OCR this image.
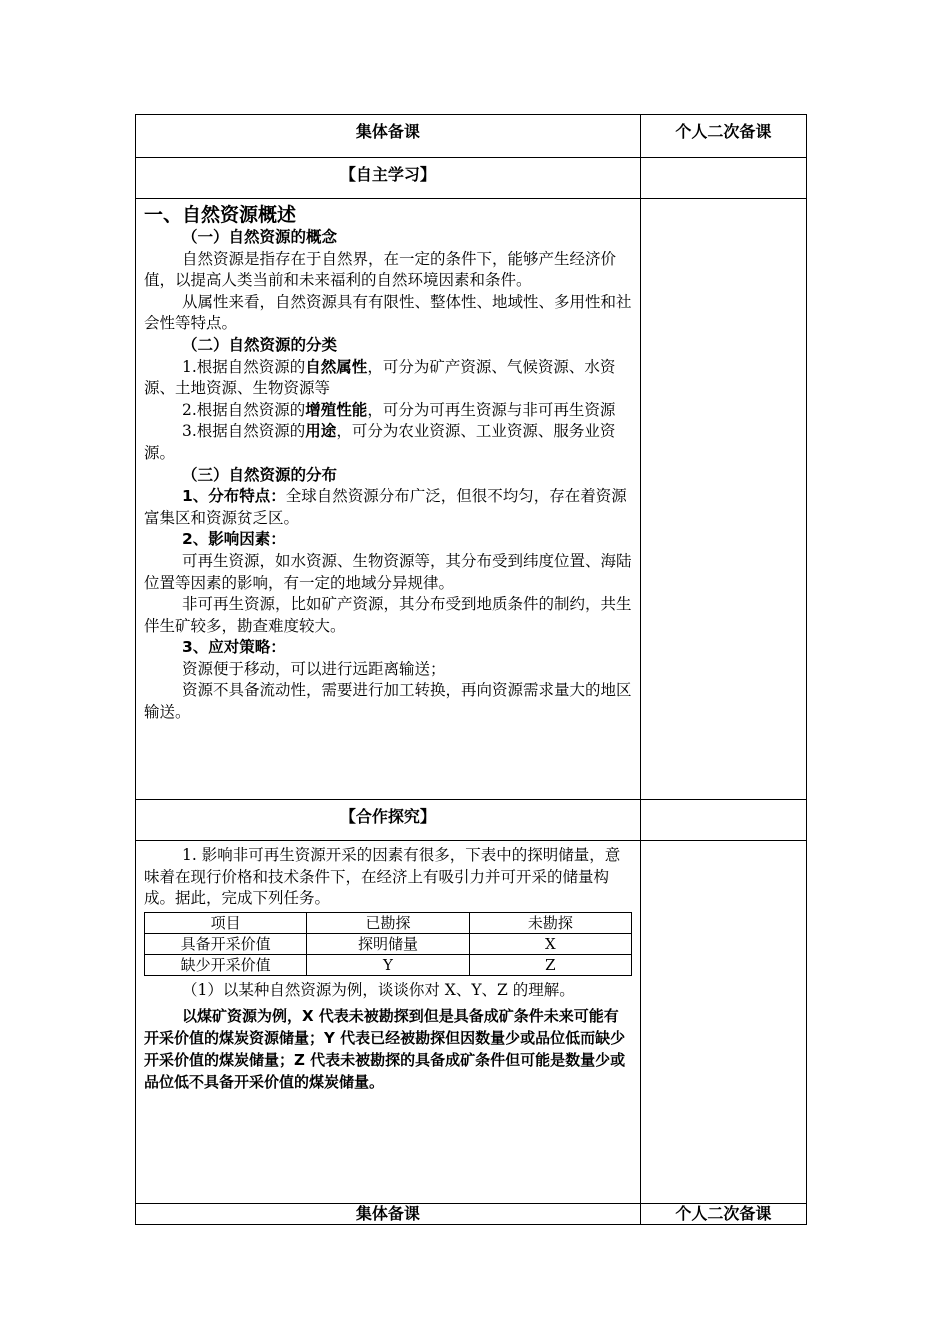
集体备课	个人二次备课
【自主学习】	

一、自然资源概述
（一）自然资源的概念

自然资源是指存在于自然界，在一定的条件下，能够产生经济价值，以提高人类当前和未来福利的自然环境因素和条件。

从属性来看，自然资源具有有限性、整体性、地域性、多用性和社会性等特点。

（二）自然资源的分类

1.根据自然资源的自然属性，可分为矿产资源、气候资源、水资源、土地资源、生物资源等

2.根据自然资源的增殖性能，可分为可再生资源与非可再生资源

3.根据自然资源的用途，可分为农业资源、工业资源、服务业资源。

（三）自然资源的分布

1、分布特点：全球自然资源分布广泛，但很不均匀，存在着资源富集区和资源贫乏区。

2、影响因素：

可再生资源，如水资源、生物资源等，其分布受到纬度位置、海陆位置等因素的影响，有一定的地域分异规律。

非可再生资源，比如矿产资源，其分布受到地质条件的制约，共生伴生矿较多，勘查难度较大。

3、应对策略：

资源便于移动，可以进行远距离输送；

资源不具备流动性，需要进行加工转换，再向资源需求量大的地区输送。

【合作探究】	

1. 影响非可再生资源开采的因素有很多，下表中的探明储量，意味着在现行价格和技术条件下，在经济上有吸引力并可开采的储量构成。据此，完成下列任务。

项目	已勘探	未勘探
具备开采价值	探明储量	X
缺少开采价值	Y	Z

（1）以某种自然资源为例，谈谈你对 X、Y、Z 的理解。

以煤矿资源为例，X 代表未被勘探到但是具备成矿条件未来可能有开采价值的煤炭资源储量；Y 代表已经被勘探但因数量少或品位低而缺少开采价值的煤炭储量；Z 代表未被勘探的具备成矿条件但可能是数量少或品位低不具备开采价值的煤炭储量。

集体备课	个人二次备课
